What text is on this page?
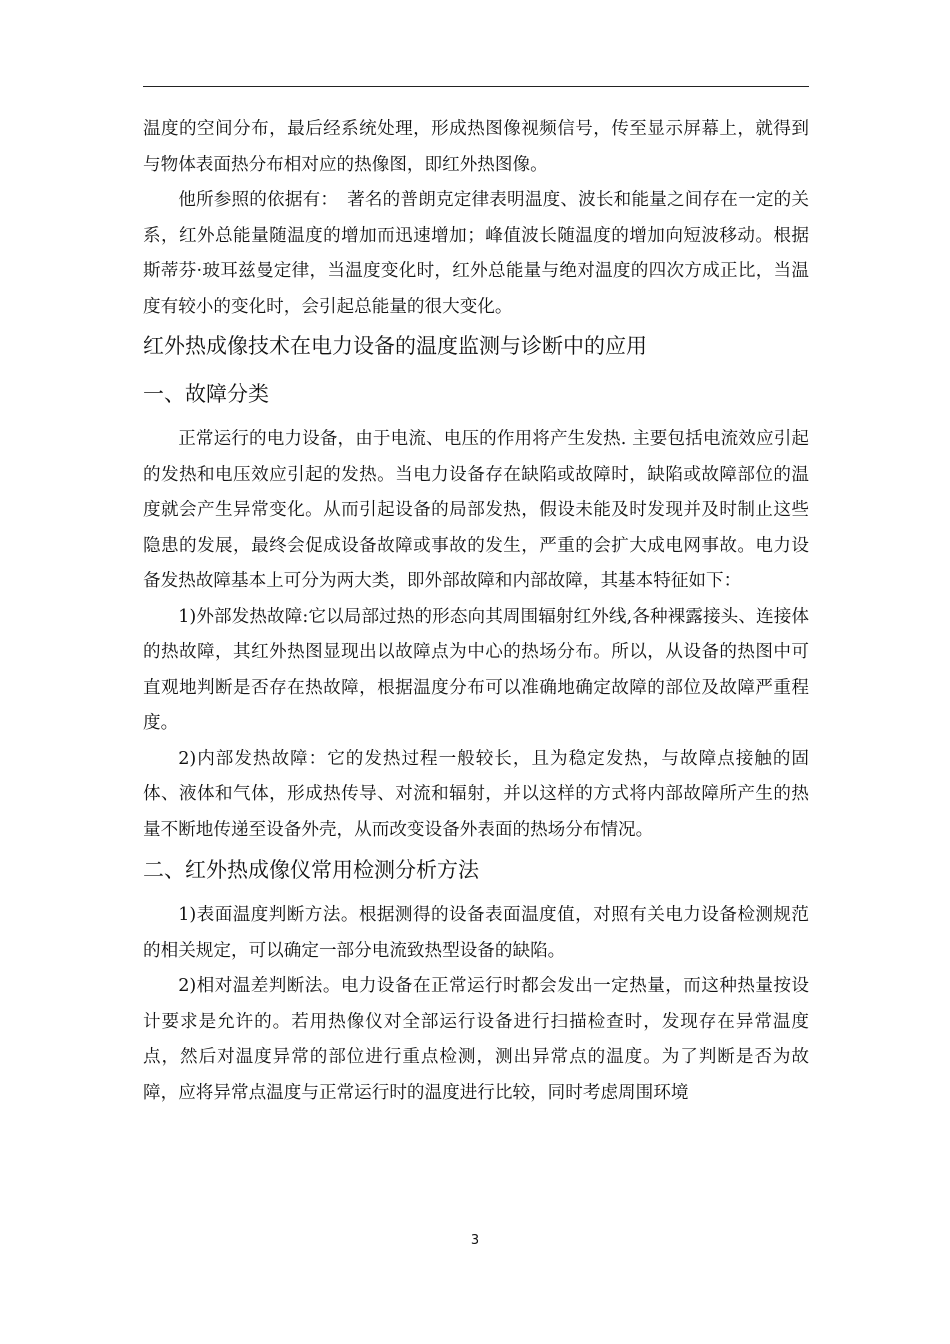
温度的空间分布，最后经系统处理，形成热图像视频信号，传至显示屏幕上，就得到与物体表面热分布相对应的热像图，即红外热图像。

他所参照的依据有：　著名的普朗克定律表明温度、波长和能量之间存在一定的关系，红外总能量随温度的增加而迅速增加；峰值波长随温度的增加向短波移动。根据斯蒂芬·玻耳兹曼定律，当温度变化时，红外总能量与绝对温度的四次方成正比，当温度有较小的变化时，会引起总能量的很大变化。

红外热成像技术在电力设备的温度监测与诊断中的应用
一、故障分类

正常运行的电力设备，由于电流、电压的作用将产生发热. 主要包括电流效应引起的发热和电压效应引起的发热。当电力设备存在缺陷或故障时，缺陷或故障部位的温度就会产生异常变化。从而引起设备的局部发热，假设未能及时发现并及时制止这些隐患的发展，最终会促成设备故障或事故的发生，严重的会扩大成电网事故。电力设备发热故障基本上可分为两大类，即外部故障和内部故障，其基本特征如下：

1)外部发热故障:它以局部过热的形态向其周围辐射红外线,各种裸露接头、连接体的热故障，其红外热图显现出以故障点为中心的热场分布。所以，从设备的热图中可直观地判断是否存在热故障，根据温度分布可以准确地确定故障的部位及故障严重程度。

2)内部发热故障：它的发热过程一般较长，且为稳定发热，与故障点接触的固体、液体和气体，形成热传导、对流和辐射，并以这样的方式将内部故障所产生的热量不断地传递至设备外壳，从而改变设备外表面的热场分布情况。

二、红外热成像仪常用检测分析方法

1)表面温度判断方法。根据测得的设备表面温度值，对照有关电力设备检测规范的相关规定，可以确定一部分电流致热型设备的缺陷。

2)相对温差判断法。电力设备在正常运行时都会发出一定热量，而这种热量按设计要求是允许的。若用热像仪对全部运行设备进行扫描检查时，发现存在异常温度点，然后对温度异常的部位进行重点检测，测出异常点的温度。为了判断是否为故障，应将异常点温度与正常运行时的温度进行比较，同时考虑周围环境

3
